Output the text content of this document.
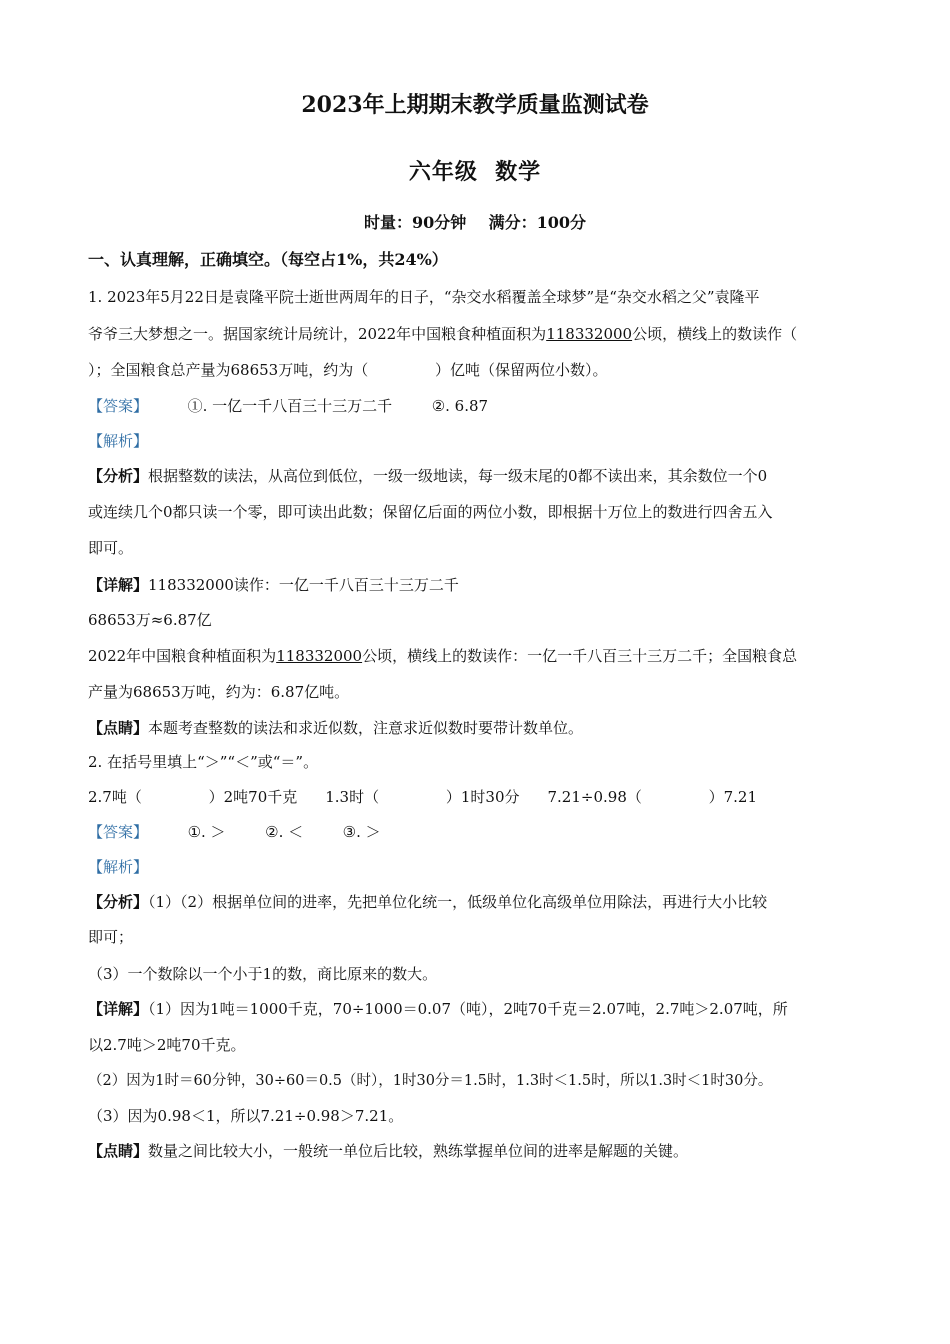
2023年上期期末教学质量监测试卷
六年级  数学
时量：90分钟    满分：100分
一、认真理解，正确填空。（每空占1%，共24%）
1. 2023年5月22日是袁隆平院士逝世两周年的日子，“杂交水稻覆盖全球梦”是“杂交水稻之父”袁隆平
爷爷三大梦想之一。据国家统计局统计，2022年中国粮食种植面积为118332000公顷，横线上的数读作（
）；全国粮食总产量为68653万吨，约为（              ）亿吨（保留两位小数）。
【答案】	①. 一亿一千八百三十三万二千	②. 6.87
【解析】
【分析】根据整数的读法，从高位到低位，一级一级地读，每一级末尾的0都不读出来，其余数位一个0
或连续几个0都只读一个零，即可读出此数；保留亿后面的两位小数，即根据十万位上的数进行四舍五入
即可。
【详解】118332000读作：一亿一千八百三十三万二千
68653万≈6.87亿
2022年中国粮食种植面积为118332000公顷，横线上的数读作：一亿一千八百三十三万二千；全国粮食总
产量为68653万吨，约为：6.87亿吨。
【点睛】本题考查整数的读法和求近似数，注意求近似数时要带计数单位。
2. 在括号里填上“＞”“＜”或“＝”。
2.7吨（              ）2吨70千克 1.3时（              ）1时30分 7.21÷0.98（              ）7.21
【答案】	①. ＞	②. ＜	③. ＞
【解析】
【分析】（1）（2）根据单位间的进率，先把单位化统一，低级单位化高级单位用除法，再进行大小比较
即可；
（3）一个数除以一个小于1的数，商比原来的数大。
【详解】（1）因为1吨＝1000千克，70÷1000＝0.07（吨），2吨70千克＝2.07吨，2.7吨＞2.07吨，所
以2.7吨＞2吨70千克。
（2）因为1时＝60分钟，30÷60＝0.5（时），1时30分＝1.5时，1.3时＜1.5时，所以1.3时＜1时30分。
（3）因为0.98＜1，所以7.21÷0.98＞7.21。
【点睛】数量之间比较大小，一般统一单位后比较，熟练掌握单位间的进率是解题的关键。
